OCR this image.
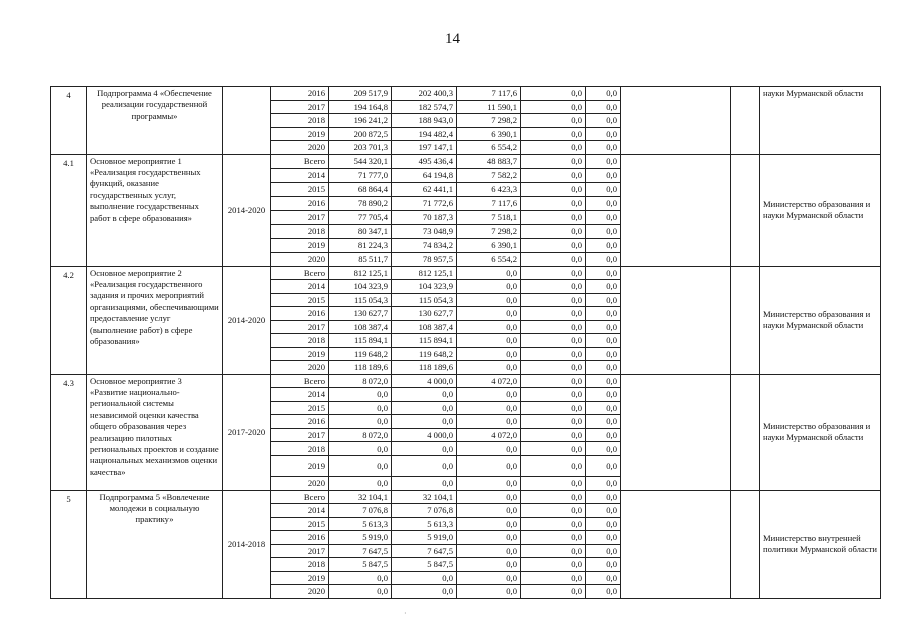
14
4	Подпрограмма 4 «Обеспечение реализации государственной программы»		2016	209 517,9	202 400,3	7 117,6	0,0	0,0			науки Мурманской области
			2017	194 164,8	182 574,7	11 590,1	0,0	0,0			
			2018	196 241,2	188 943,0	7 298,2	0,0	0,0			
			2019	200 872,5	194 482,4	6 390,1	0,0	0,0			
			2020	203 701,3	197 147,1	6 554,2	0,0	0,0			
4.1	Основное мероприятие 1 «Реализация государственных функций, оказание государственных услуг, выполнение государственных работ в сфере образования»	2014-2020	Всего	544 320,1	495 436,4	48 883,7	0,0	0,0			Министерство образования и науки Мурманской области
			2014	71 777,0	64 194,8	7 582,2	0,0	0,0			
			2015	68 864,4	62 441,1	6 423,3	0,0	0,0			
			2016	78 890,2	71 772,6	7 117,6	0,0	0,0			
			2017	77 705,4	70 187,3	7 518,1	0,0	0,0			
			2018	80 347,1	73 048,9	7 298,2	0,0	0,0			
			2019	81 224,3	74 834,2	6 390,1	0,0	0,0			
			2020	85 511,7	78 957,5	6 554,2	0,0	0,0			
4.2	Основное мероприятие 2 «Реализация государственного задания и прочих мероприятий организациями, обеспечивающими предоставление услуг (выполнение работ) в сфере образования»	2014-2020	Всего	812 125,1	812 125,1	0,0	0,0	0,0			Министерство образования и науки Мурманской области
			2014	104 323,9	104 323,9	0,0	0,0	0,0			
			2015	115 054,3	115 054,3	0,0	0,0	0,0			
			2016	130 627,7	130 627,7	0,0	0,0	0,0			
			2017	108 387,4	108 387,4	0,0	0,0	0,0			
			2018	115 894,1	115 894,1	0,0	0,0	0,0			
			2019	119 648,2	119 648,2	0,0	0,0	0,0			
			2020	118 189,6	118 189,6	0,0	0,0	0,0			
4.3	Основное мероприятие 3 «Развитие национально-региональной системы независимой оценки качества общего образования через реализацию пилотных региональных проектов и создание национальных механизмов оценки качества»	2017-2020	Всего	8 072,0	4 000,0	4 072,0	0,0	0,0			Министерство образования и науки Мурманской области
			2014	0,0	0,0	0,0	0,0	0,0			
			2015	0,0	0,0	0,0	0,0	0,0			
			2016	0,0	0,0	0,0	0,0	0,0			
			2017	8 072,0	4 000,0	4 072,0	0,0	0,0			
			2018	0,0	0,0	0,0	0,0	0,0			
			2019	0,0	0,0	0,0	0,0	0,0			
			2020	0,0	0,0	0,0	0,0	0,0			
5	Подпрограмма 5 «Вовлечение молодежи в социальную практику»	2014-2018	Всего	32 104,1	32 104,1	0,0	0,0	0,0			Министерство внутренней политики Мурманской области
			2014	7 076,8	7 076,8	0,0	0,0	0,0			
			2015	5 613,3	5 613,3	0,0	0,0	0,0			
			2016	5 919,0	5 919,0	0,0	0,0	0,0			
			2017	7 647,5	7 647,5	0,0	0,0	0,0			
			2018	5 847,5	5 847,5	0,0	0,0	0,0			
			2019	0,0	0,0	0,0	0,0	0,0			
			2020	0,0	0,0	0,0	0,0	0,0			
·
